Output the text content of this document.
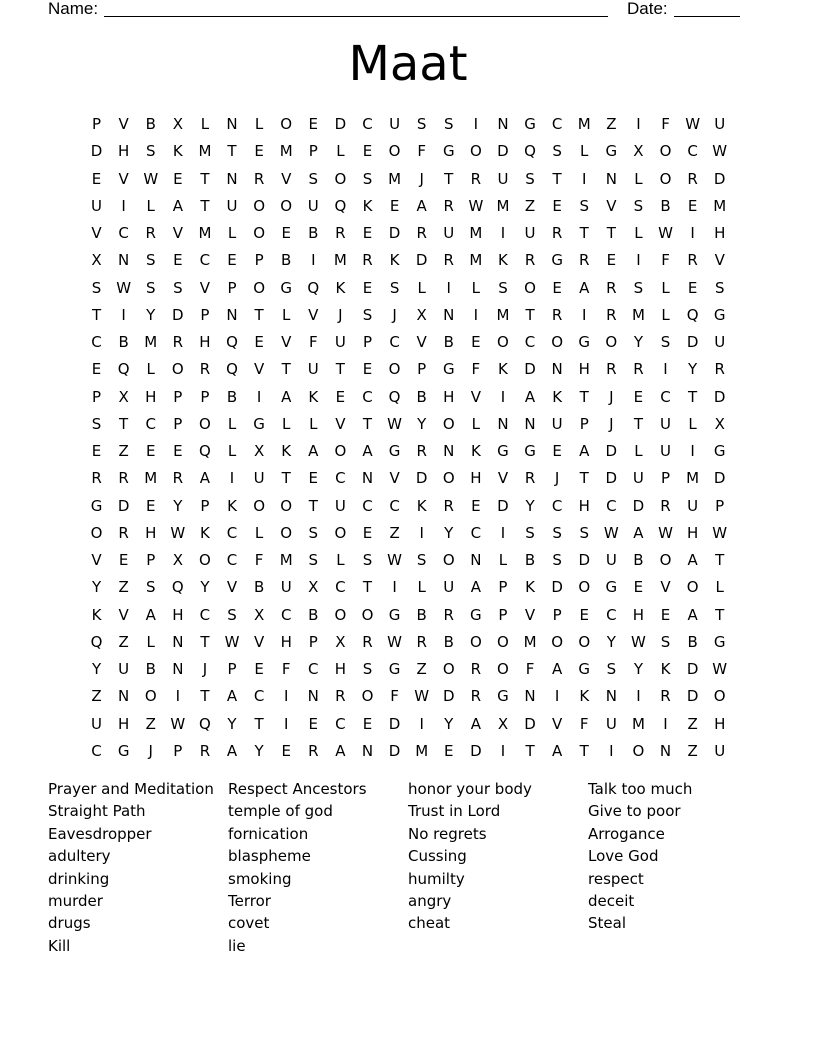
Name:	Date:
Maat
P	V	B	X	L	N	L	O	E	D	C	U	S	S	I	N	G	C	M	Z	I	F	W U
D	H	S	K	M	T	E	M	P	L	E	O	F	G	O	D	Q	S	L	G	X	O	C W
E	V W E	T	N	R	V	S	O	S	M	J	T	R	U	S	T	I	N	L	O	R	D
U	I	L	A	T	U	O	O	U	Q	K	E	A	R W M	Z	E	S	V	S	B	E	M
V	C	R	V	M	L	O	E	B	R	E	D	R	U	M	I	U	R	T	T	L	W	I	H
X	N	S	E	C	E	P	B	I	M	R	K	D	R	M	K	R	G	R	E	I	F	R	V
S W S	S	V	P	O	G	Q	K	E	S	L	I	L	S	O	E	A	R	S	L	E	S
T	I	Y	D	P	N	T	L	V	J	S	J	X	N	I	M	T	R	I	R	M	L	Q	G
C	B	M	R	H	Q	E	V	F	U	P	C	V	B	E	O	C	O	G	O	Y	S	D	U
E	Q	L	O	R	Q	V	T	U	T	E	O	P	G	F	K	D	N	H	R	R	I	Y	R
P	X	H	P	P	B	I	A	K	E	C	Q	B	H	V	I	A	K	T	J	E	C	T	D
S	T	C	P	O	L	G	L	L	V	T	W	Y	O	L	N	N	U	P	J	T	U	L	X
E	Z	E	E	Q	L	X	K	A	O	A	G	R	N	K	G	G	E	A	D	L	U	I	G
R	R	M	R	A	I	U	T	E	C	N	V	D	O	H	V	R	J	T	D	U	P	M D
G	D	E	Y	P	K	O	O	T	U	C	C	K	R	E	D	Y	C	H	C	D	R	U	P
O	R	H W K	C	L	O	S	O	E	Z	I	Y	C	I	S	S	S W A W H W
V	E	P	X	O	C	F	M	S	L	S W S	O	N	L	B	S	D	U	B	O	A	T
Y	Z	S	Q	Y	V	B	U	X	C	T	I	L	U	A	P	K	D	O	G	E	V	O	L
K	V	A	H	C	S	X	C	B	O	O	G	B	R	G	P	V	P	E	C	H	E	A	T
Q	Z	L	N	T	W V	H	P	X	R W R	B	O	O M O	O	Y	W S	B	G
Y	U	B	N	J	P	E	F	C	H	S	G	Z	O	R	O	F	A	G	S	Y	K	D W
Z	N	O	I	T	A	C	I	N	R	O	F	W D	R	G	N	I	K	N	I	R	D	O
U	H	Z W Q	Y	T	I	E	C	E	D	I	Y	A	X	D	V	F	U	M	I	Z	H
C	G	J	P	R	A	Y	E	R	A	N	D M	E	D	I	T	A	T	I	O	N	Z	U
Prayer and Meditation
Straight Path
Eavesdropper
adultery
drinking
murder
drugs
Kill
Respect Ancestors
temple of god
fornication
blaspheme
smoking
Terror
covet
lie
honor your body
Trust in Lord
No regrets
Cussing
humilty
angry
cheat
Talk too much
Give to poor
Arrogance
Love God
respect
deceit
Steal
